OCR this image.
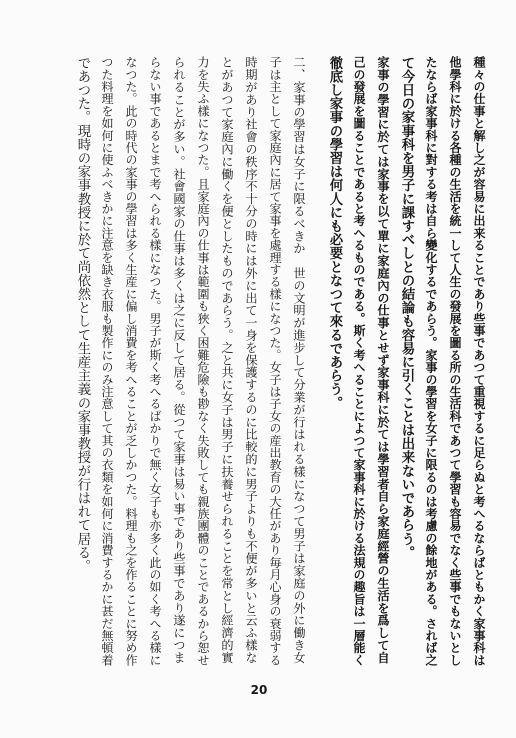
種々の仕事と解し之が容易に出来ることであり些事であつて重視するに足らぬと考へるならばともかく家事科は
他學科に於ける各種の生活を統一して人生の發展を圖る所の生活科であつて學習も容易でなく些事でもないとし
たならば家事科に對する考は自ら變化するであらう。家事の學習を女子に限るのは考慮の餘地がある。されば之
て今日の家事科を男子に課すべしとの結論も容易に引くことは出来ないであらう。
家事の學習に於ては家事を以て單に家庭內の仕事とせず家事科に於ては學習者自ら家庭經營の生活を爲して自
己の發展を圖ることであると考へるものである。斯く考へることによつて家事科に於ける法規の趣旨は一層能く
徹底し家事の學習は何人にも必要となつて來るであらう。
二、家事の學習は女子に限るべきか　世の文明が進步して分業が行はれる樣になつて男子は家庭の外に働き女
子は主として家庭內に居て家事を處理する樣になつた。女子は子女の産出教育の大任があり毎月心身の衰弱する
時期があり社會の秩序不十分の時には外に出て一身を保護するのに比較的に男子よりも不便が多いと云ふ樣な
とがあつて家庭內に働くを便としたものであらう。之と共に女子は男子に扶養せられることを常とし經濟的實
力を失ふ樣になつた。且家庭內の仕事は範圍も狹く困難危險も尠なく失敗しても親族團體のことであるから恕せ
られることが多い。社會國家の仕事は多くは之に反して居る。從つて家事は易い事であり些事であり遂につま
らない事であるとまで考へられる樣になつた。男子が斯く考へるばかりで無く女子も亦多く此の如く考へる樣に
なつた。此の時代の家事の學習は多く生産に偏し消費を考へることが乏しかつた。料理も之を作ることに努め作
つた料理を如何に使ふべきかに注意を缺き衣服も製作にのみ注意して其の衣類を如何に消費するかに甚だ無頓着
であつた。現時の家事教授に於て尚依然として生産主義の家事教授が行はれて居る。
20
